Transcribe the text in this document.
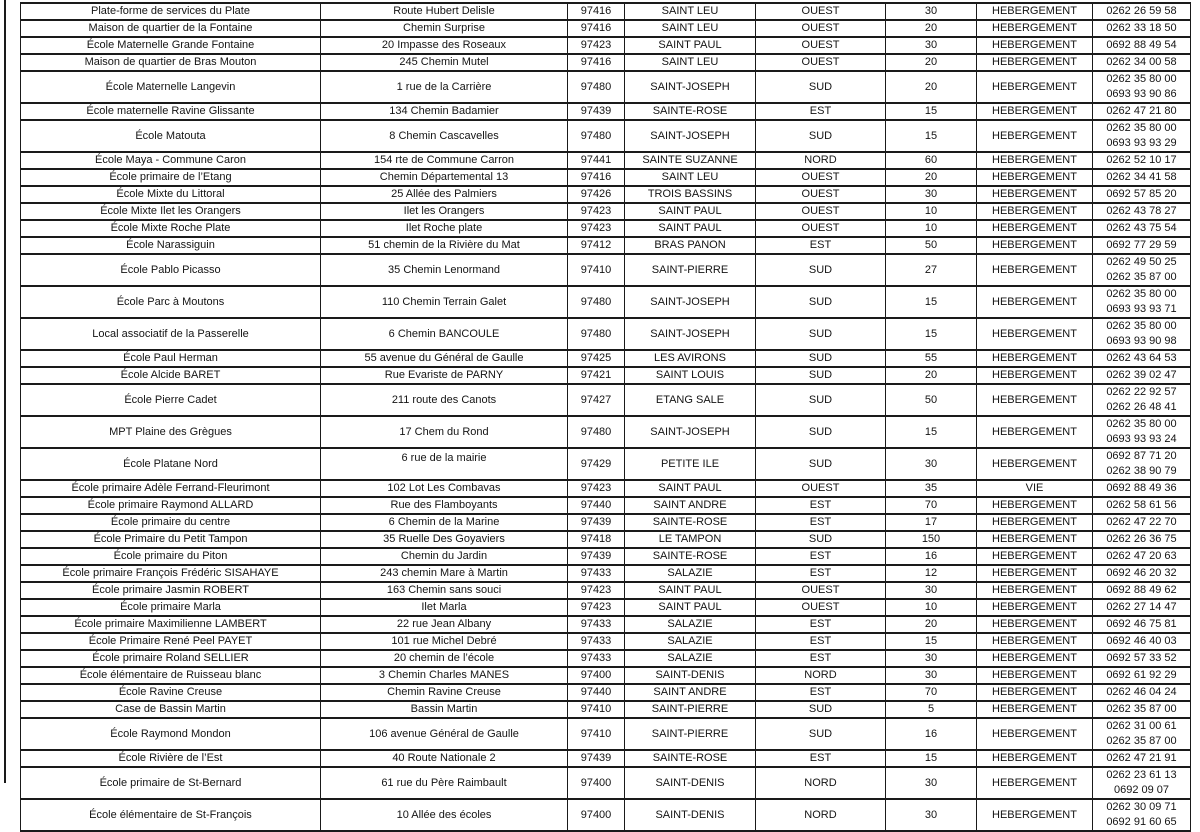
Plate-forme de services du Plate	Route Hubert Delisle	97416	SAINT LEU	OUEST	30	HEBERGEMENT	0262 26 59 58

Maison de quartier de la Fontaine	Chemin Surprise	97416	SAINT LEU	OUEST	20	HEBERGEMENT	0262 33 18 50

École Maternelle Grande Fontaine	20 Impasse des Roseaux	97423	SAINT PAUL	OUEST	30	HEBERGEMENT	0692 88 49 54

Maison de quartier de Bras Mouton	245 Chemin Mutel	97416	SAINT LEU	OUEST	20	HEBERGEMENT	0262 34 00 58

École Maternelle Langevin	1 rue de la Carrière	97480	SAINT-JOSEPH	SUD	20	HEBERGEMENT	0262 35 80 00
0693 93 90 86

École maternelle Ravine Glissante	134 Chemin Badamier	97439	SAINTE-ROSE	EST	15	HEBERGEMENT	0262 47 21 80

École Matouta	8 Chemin Cascavelles	97480	SAINT-JOSEPH	SUD	15	HEBERGEMENT	0262 35 80 00
0693 93 93 29

École Maya - Commune Caron	154 rte de Commune Carron	97441	SAINTE SUZANNE	NORD	60	HEBERGEMENT	0262 52 10 17

École primaire de l’Etang	Chemin Départemental 13	97416	SAINT LEU	OUEST	20	HEBERGEMENT	0262 34 41 58

École Mixte du Littoral	25 Allée des Palmiers	97426	TROIS BASSINS	OUEST	30	HEBERGEMENT	0692 57 85 20

École Mixte Ilet les Orangers	Ilet les Orangers	97423	SAINT PAUL	OUEST	10	HEBERGEMENT	0262 43 78 27

École Mixte Roche Plate	Ilet Roche plate	97423	SAINT PAUL	OUEST	10	HEBERGEMENT	0262 43 75 54

École Narassiguin	51 chemin de la Rivière du Mat	97412	BRAS PANON	EST	50	HEBERGEMENT	0692 77 29 59

École Pablo Picasso	35 Chemin Lenormand	97410	SAINT-PIERRE	SUD	27	HEBERGEMENT	0262 49 50 25
0262 35 87 00

École Parc à Moutons	110 Chemin Terrain Galet	97480	SAINT-JOSEPH	SUD	15	HEBERGEMENT	0262 35 80 00
0693 93 93 71

Local associatif de la Passerelle	6 Chemin BANCOULE	97480	SAINT-JOSEPH	SUD	15	HEBERGEMENT	0262 35 80 00
0693 93 90 98

École Paul Herman	55 avenue du Général de Gaulle	97425	LES AVIRONS	SUD	55	HEBERGEMENT	0262 43 64 53

École Alcide BARET	Rue Evariste de PARNY	97421	SAINT LOUIS	SUD	20	HEBERGEMENT	0262 39 02 47

École Pierre Cadet	211 route des Canots	97427	ETANG SALE	SUD	50	HEBERGEMENT	0262 22 92 57
0262 26 48 41

MPT Plaine des Grègues	17 Chem du Rond	97480	SAINT-JOSEPH	SUD	15	HEBERGEMENT	0262 35 80 00
0693 93 93 24

École Platane Nord	6 rue de la mairie	97429	PETITE ILE	SUD	30	HEBERGEMENT	0692 87 71 20
0262 38 90 79

École primaire Adèle Ferrand-Fleurimont	102 Lot Les Combavas	97423	SAINT PAUL	OUEST	35	VIE	0692 88 49 36

École primaire Raymond ALLARD	Rue des Flamboyants	97440	SAINT ANDRE	EST	70	HEBERGEMENT	0262 58 61 56

École primaire du centre	6 Chemin de la Marine	97439	SAINTE-ROSE	EST	17	HEBERGEMENT	0262 47 22 70

École Primaire du Petit Tampon	35 Ruelle Des Goyaviers	97418	LE TAMPON	SUD	150	HEBERGEMENT	0262 26 36 75

École primaire du Piton	Chemin du Jardin	97439	SAINTE-ROSE	EST	16	HEBERGEMENT	0262 47 20 63

École primaire François Frédéric SISAHAYE	243 chemin Mare à Martin	97433	SALAZIE	EST	12	HEBERGEMENT	0692 46 20 32

École primaire Jasmin ROBERT	163 Chemin sans souci	97423	SAINT PAUL	OUEST	30	HEBERGEMENT	0692 88 49 62

École primaire Marla	Ilet Marla	97423	SAINT PAUL	OUEST	10	HEBERGEMENT	0262 27 14 47

École primaire Maximilienne LAMBERT	22 rue Jean Albany	97433	SALAZIE	EST	20	HEBERGEMENT	0692 46 75 81

École Primaire René Peel PAYET	101 rue Michel Debré	97433	SALAZIE	EST	15	HEBERGEMENT	0692 46 40 03

École primaire Roland SELLIER	20 chemin de l’école	97433	SALAZIE	EST	30	HEBERGEMENT	0692 57 33 52

École élémentaire de Ruisseau blanc	3 Chemin Charles MANES	97400	SAINT-DENIS	NORD	30	HEBERGEMENT	0692 61 92 29

École Ravine Creuse	Chemin Ravine Creuse	97440	SAINT ANDRE	EST	70	HEBERGEMENT	0262 46 04 24

Case de Bassin Martin	Bassin Martin	97410	SAINT-PIERRE	SUD	5	HEBERGEMENT	0262 35 87 00

École Raymond Mondon	106 avenue Général de Gaulle	97410	SAINT-PIERRE	SUD	16	HEBERGEMENT	0262 31 00 61
0262 35 87 00

École Rivière de l’Est	40 Route Nationale 2	97439	SAINTE-ROSE	EST	15	HEBERGEMENT	0262 47 21 91

École primaire de St-Bernard	61 rue du Père Raimbault	97400	SAINT-DENIS	NORD	30	HEBERGEMENT	0262 23 61 13
0692 09 07

École élémentaire de St-François	10 Allée des écoles	97400	SAINT-DENIS	NORD	30	HEBERGEMENT	0262 30 09 71
0692 91 60 65
